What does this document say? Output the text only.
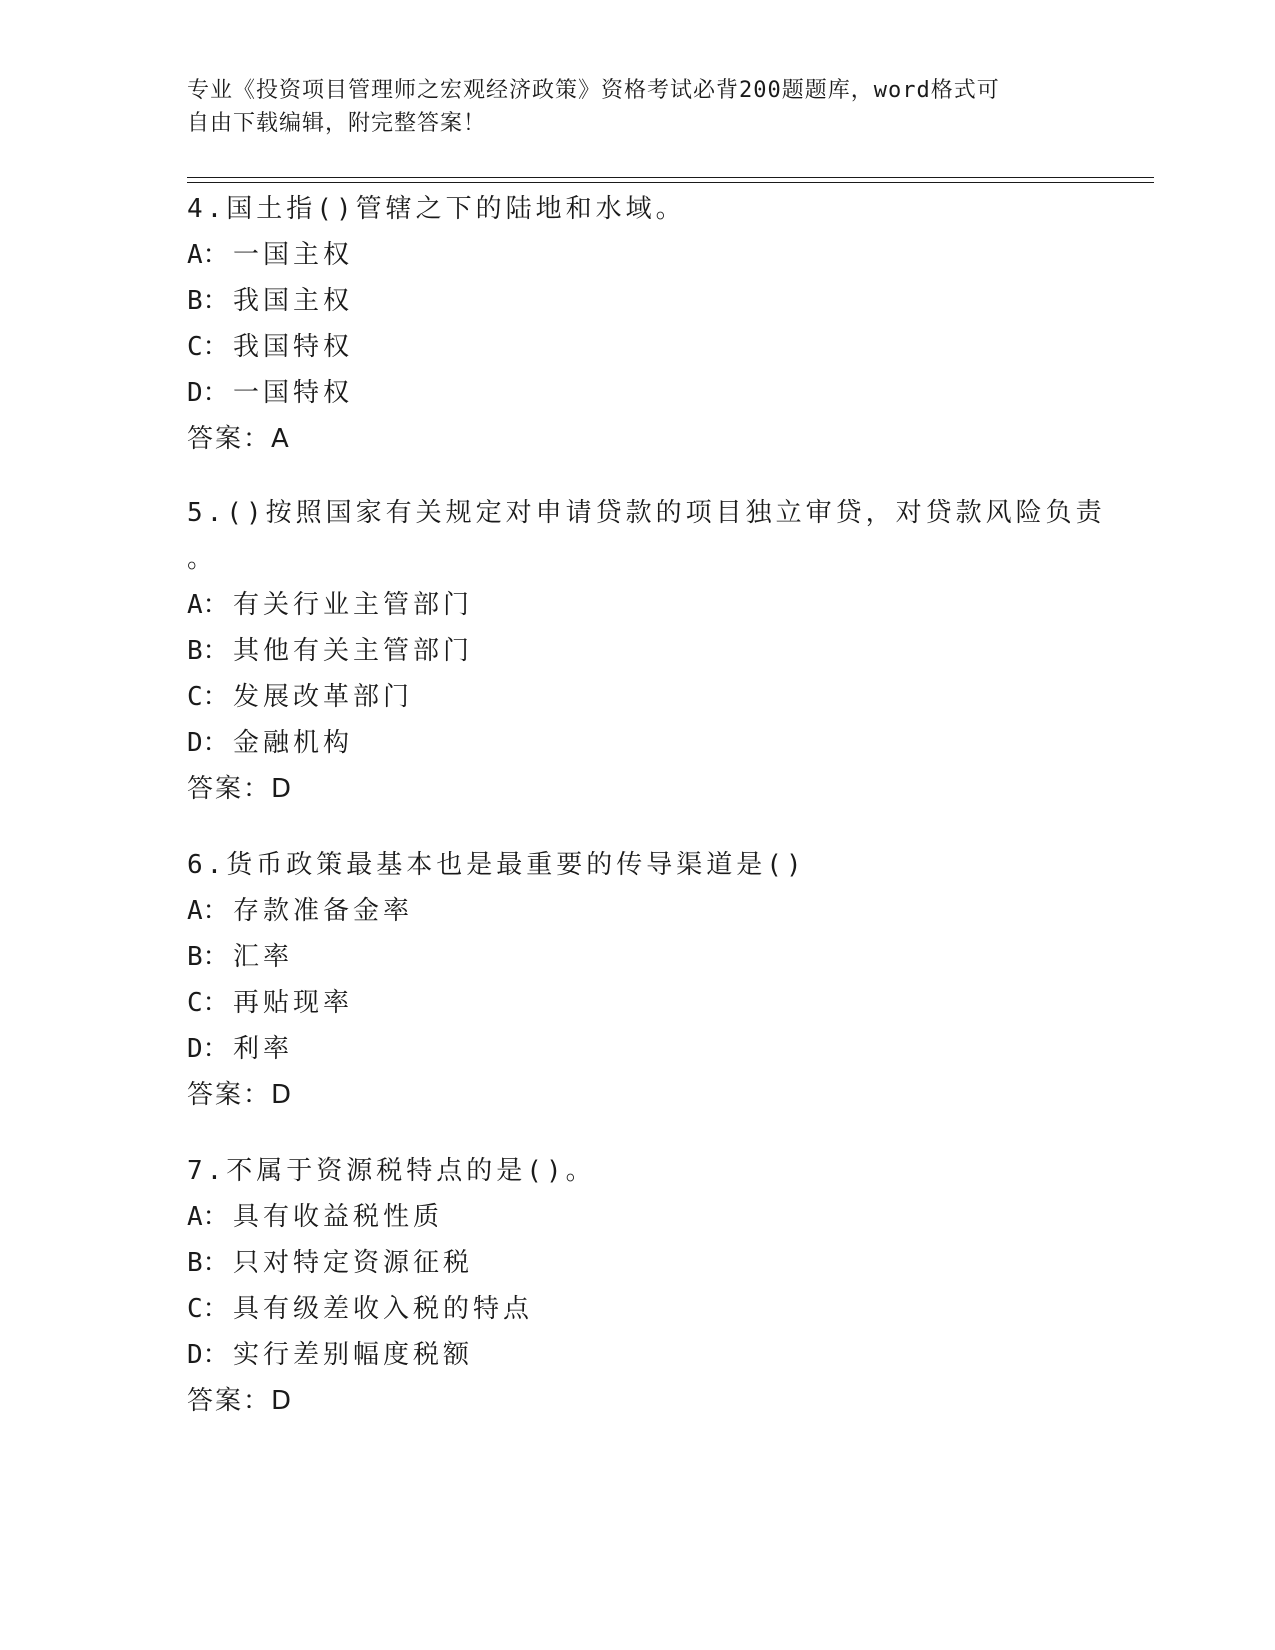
专业《投资项目管理师之宏观经济政策》资格考试必背200题题库，word格式可
自由下载编辑，附完整答案！
4.国土指()管辖之下的陆地和水域。
A： 一国主权
B： 我国主权
C： 我国特权
D： 一国特权
答案：A
5.()按照国家有关规定对申请贷款的项目独立审贷，对贷款风险负责
。
A： 有关行业主管部门
B： 其他有关主管部门
C： 发展改革部门
D： 金融机构
答案：D
6.货币政策最基本也是最重要的传导渠道是()
A： 存款准备金率
B： 汇率
C： 再贴现率
D： 利率
答案：D
7.不属于资源税特点的是()。
A： 具有收益税性质
B： 只对特定资源征税
C： 具有级差收入税的特点
D： 实行差别幅度税额
答案：D
